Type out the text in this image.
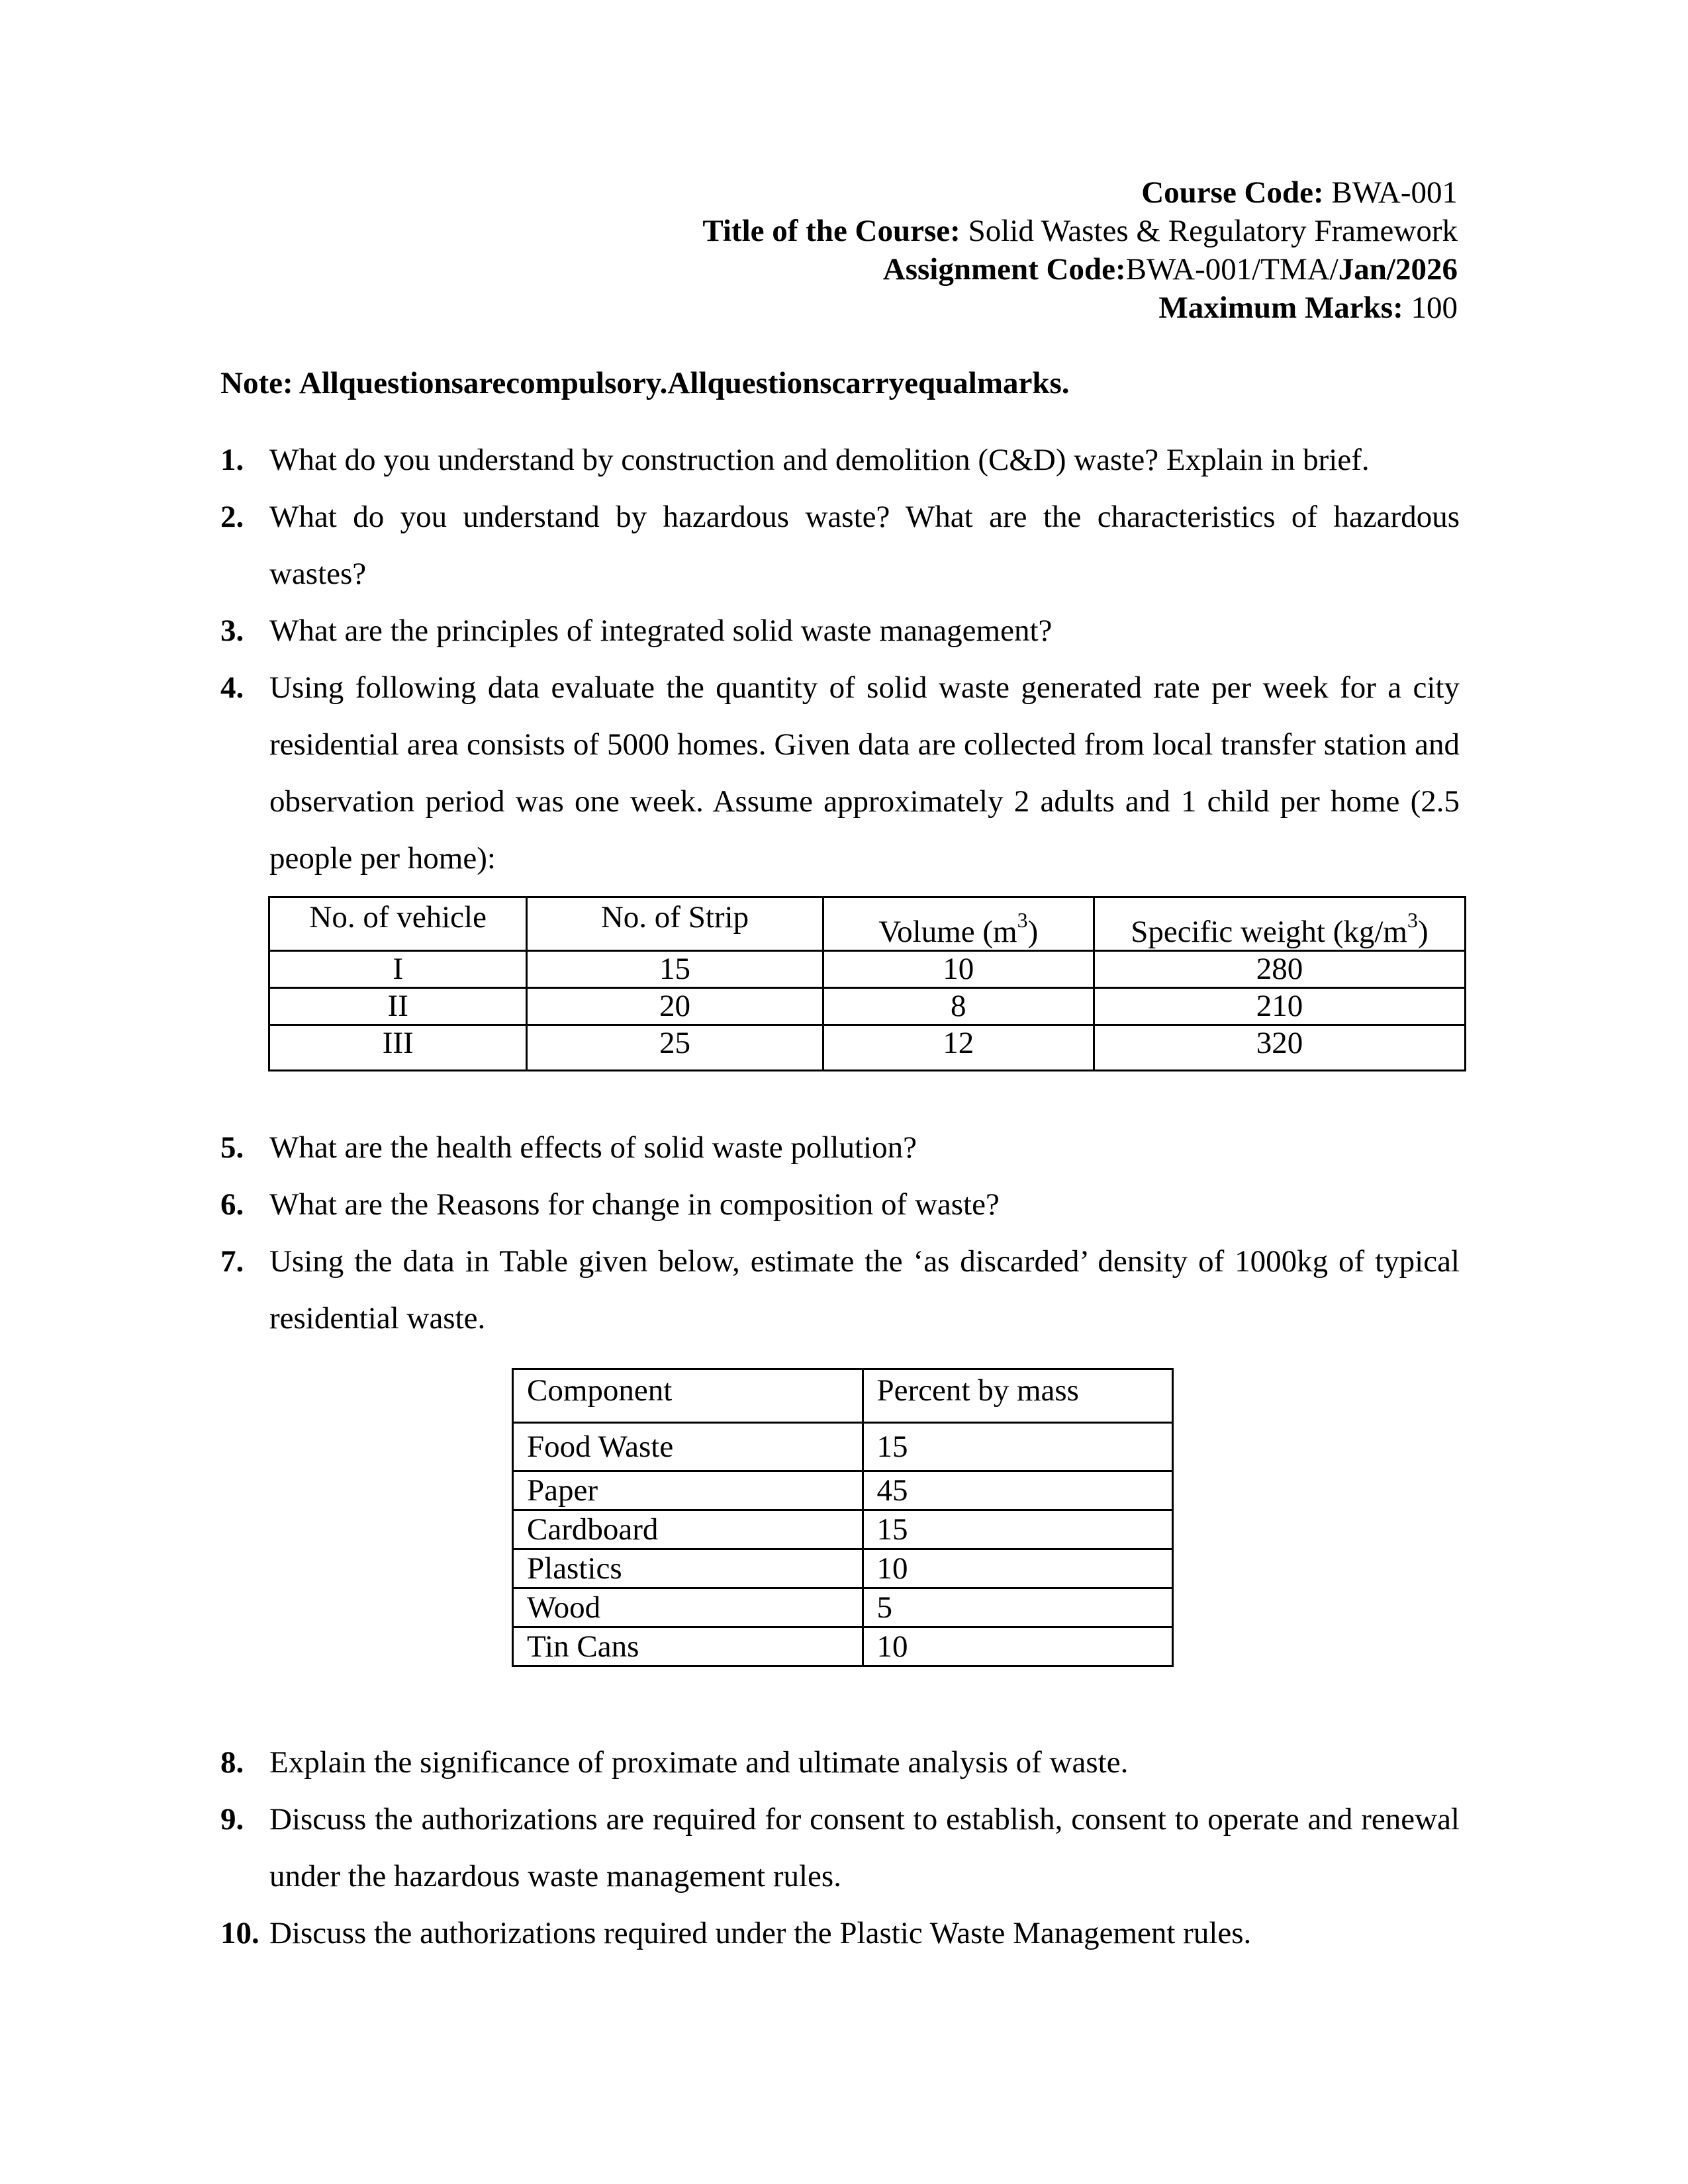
Course Code: BWA-001
Title of the Course: Solid Wastes & Regulatory Framework
Assignment Code:BWA-001/TMA/Jan/2026
Maximum Marks: 100
Note: Allquestionsarecompulsory.Allquestionscarryequalmarks.
1. What do you understand by construction and demolition (C&D) waste? Explain in brief.
2. What do you understand by hazardous waste? What are the characteristics of hazardous wastes?
3. What are the principles of integrated solid waste management?
4. Using following data evaluate the quantity of solid waste generated rate per week for a city residential area consists of 5000 homes. Given data are collected from local transfer station and observation period was one week. Assume approximately 2 adults and 1 child per home (2.5 people per home):
No. of vehicle	No. of Strip	Volume $(m^3)$	Specific weight $(kg/m^3)$
I	15	10	280
II	20	8	210
III	25	12	320
5. What are the health effects of solid waste pollution?
6. What are the Reasons for change in composition of waste?
7. Using the data in Table given below, estimate the ‘as discarded’ density of 1000kg of typical residential waste.
Component	Percent by mass
Food Waste	15
Paper	45
Cardboard	15
Plastics	10
Wood	5
Tin Cans	10
8. Explain the significance of proximate and ultimate analysis of waste.
9. Discuss the authorizations are required for consent to establish, consent to operate and renewal under the hazardous waste management rules.
10. Discuss the authorizations required under the Plastic Waste Management rules.
